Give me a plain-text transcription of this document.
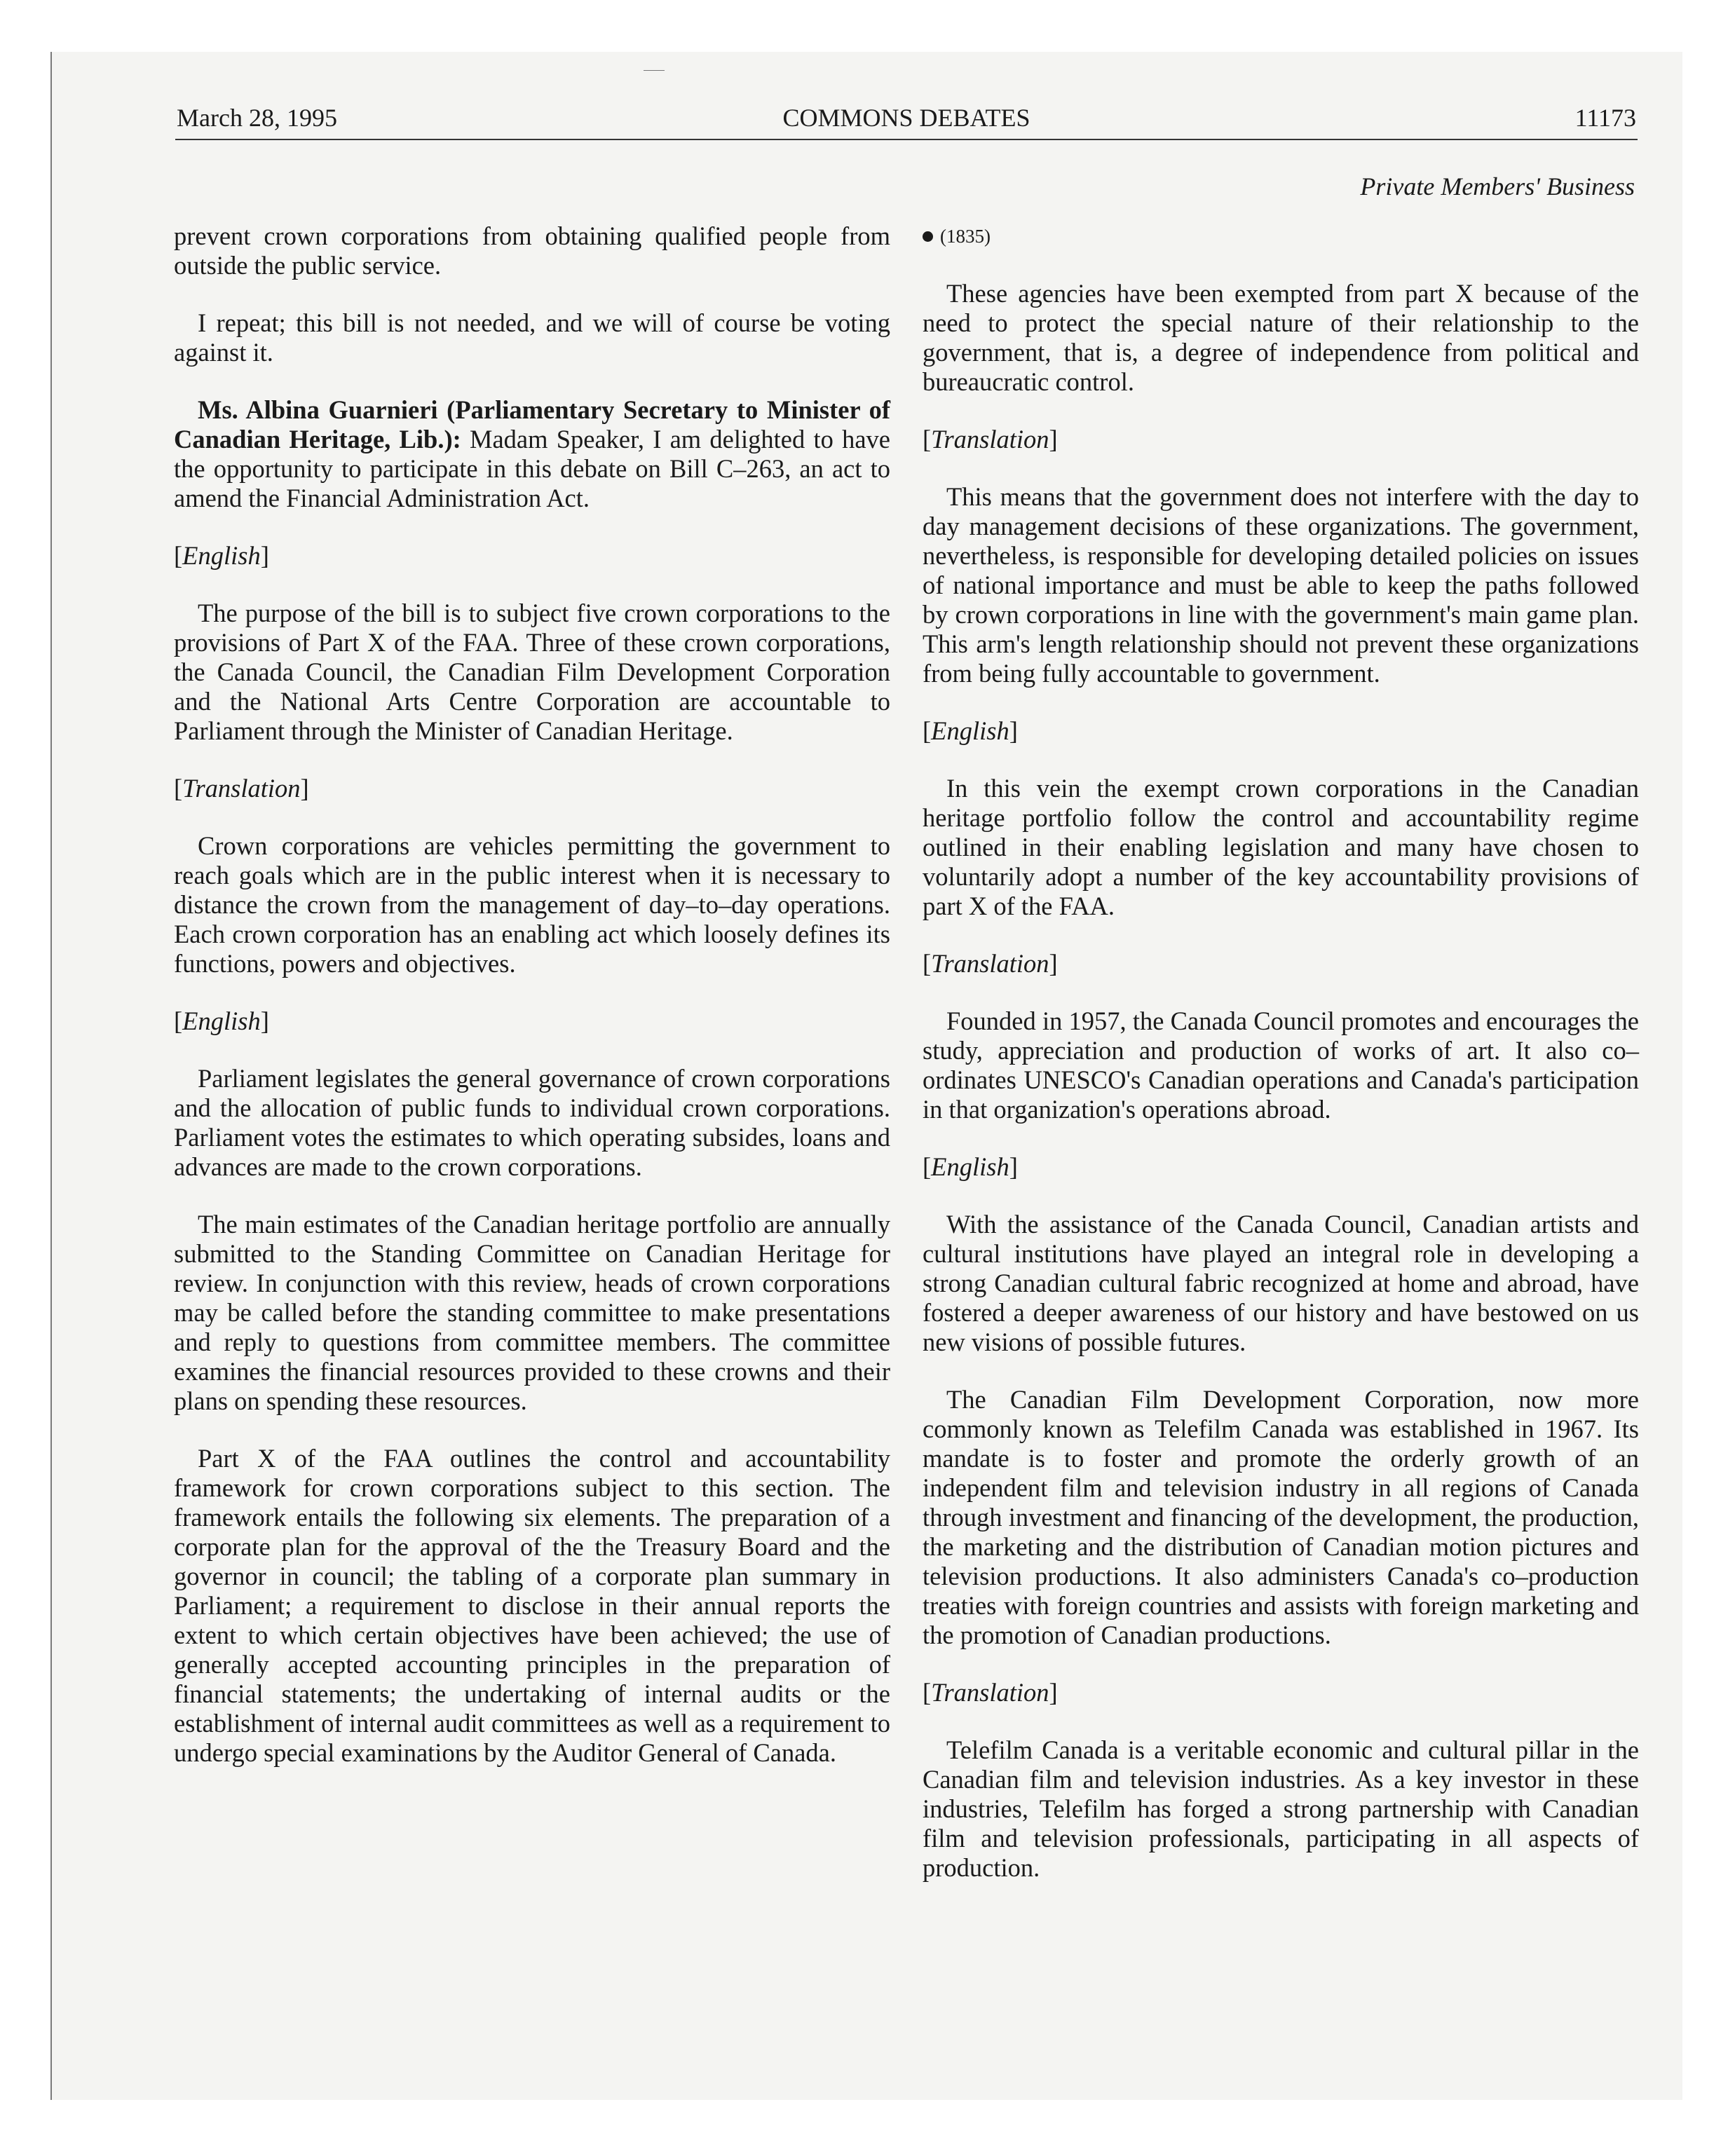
March 28, 1995	COMMONS DEBATES	11173
Private Members' Business

prevent crown corporations from obtaining qualified people from outside the public service.

I repeat; this bill is not needed, and we will of course be voting against it.

Ms. Albina Guarnieri (Parliamentary Secretary to Minister of Canadian Heritage, Lib.): Madam Speaker, I am delighted to have the opportunity to participate in this debate on Bill C–263, an act to amend the Financial Administration Act.

[English]

The purpose of the bill is to subject five crown corporations to the provisions of Part X of the FAA. Three of these crown corporations, the Canada Council, the Canadian Film Development Corporation and the National Arts Centre Corporation are accountable to Parliament through the Minister of Canadian Heritage.

[Translation]

Crown corporations are vehicles permitting the government to reach goals which are in the public interest when it is necessary to distance the crown from the management of day–to–day operations. Each crown corporation has an enabling act which loosely defines its functions, powers and objectives.

[English]

Parliament legislates the general governance of crown corporations and the allocation of public funds to individual crown corporations. Parliament votes the estimates to which operating subsides, loans and advances are made to the crown corporations.

The main estimates of the Canadian heritage portfolio are annually submitted to the Standing Committee on Canadian Heritage for review. In conjunction with this review, heads of crown corporations may be called before the standing committee to make presentations and reply to questions from committee members. The committee examines the financial resources provided to these crowns and their plans on spending these resources.

Part X of the FAA outlines the control and accountability framework for crown corporations subject to this section. The framework entails the following six elements. The preparation of a corporate plan for the approval of the the Treasury Board and the governor in council; the tabling of a corporate plan summary in Parliament; a requirement to disclose in their annual reports the extent to which certain objectives have been achieved; the use of generally accepted accounting principles in the preparation of financial statements; the undertaking of internal audits or the establishment of internal audit committees as well as a requirement to undergo special examinations by the Auditor General of Canada.

(1835)

These agencies have been exempted from part X because of the need to protect the special nature of their relationship to the government, that is, a degree of independence from political and bureaucratic control.

[Translation]

This means that the government does not interfere with the day to day management decisions of these organizations. The government, nevertheless, is responsible for developing detailed policies on issues of national importance and must be able to keep the paths followed by crown corporations in line with the government's main game plan. This arm's length relationship should not prevent these organizations from being fully accountable to government.

[English]

In this vein the exempt crown corporations in the Canadian heritage portfolio follow the control and accountability regime outlined in their enabling legislation and many have chosen to voluntarily adopt a number of the key accountability provisions of part X of the FAA.

[Translation]

Founded in 1957, the Canada Council promotes and encourages the study, appreciation and production of works of art. It also co–ordinates UNESCO's Canadian operations and Canada's participation in that organization's operations abroad.

[English]

With the assistance of the Canada Council, Canadian artists and cultural institutions have played an integral role in developing a strong Canadian cultural fabric recognized at home and abroad, have fostered a deeper awareness of our history and have bestowed on us new visions of possible futures.

The Canadian Film Development Corporation, now more commonly known as Telefilm Canada was established in 1967. Its mandate is to foster and promote the orderly growth of an independent film and television industry in all regions of Canada through investment and financing of the development, the production, the marketing and the distribution of Canadian motion pictures and television productions. It also administers Canada's co–production treaties with foreign countries and assists with foreign marketing and the promotion of Canadian productions.

[Translation]

Telefilm Canada is a veritable economic and cultural pillar in the Canadian film and television industries. As a key investor in these industries, Telefilm has forged a strong partnership with Canadian film and television professionals, participating in all aspects of production.
